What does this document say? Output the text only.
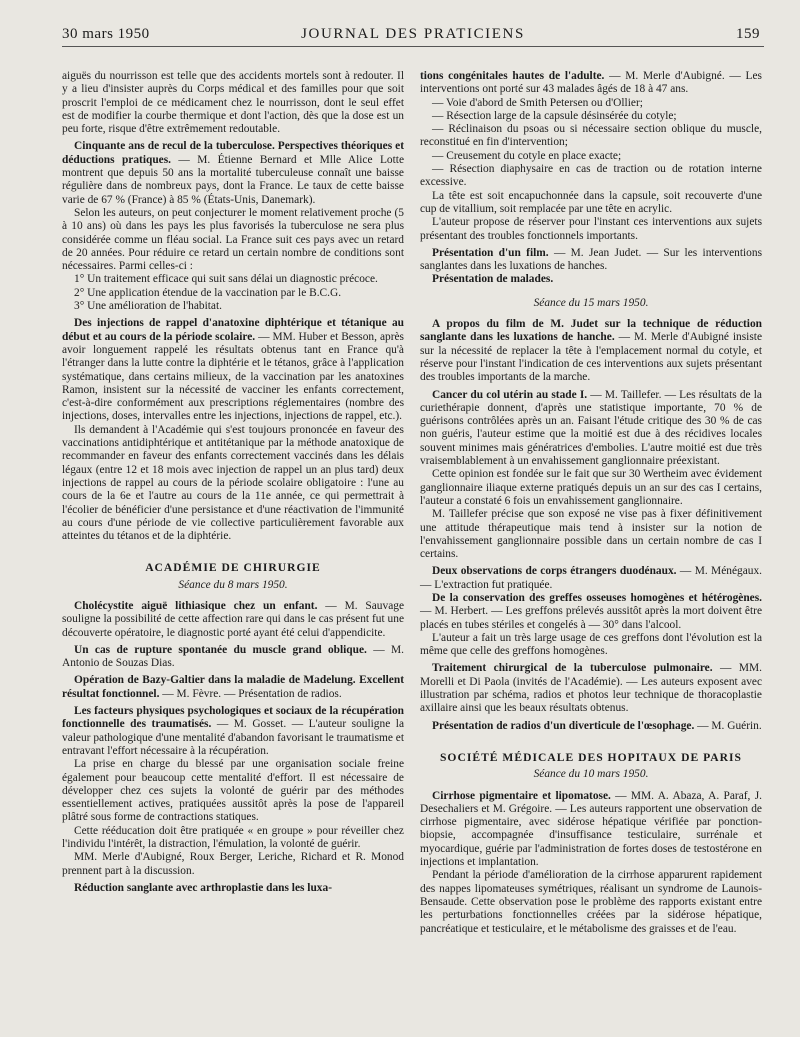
30 mars 1950	JOURNAL DES PRATICIENS	159

aiguës du nourrisson est telle que des accidents mortels sont à redouter. Il y a lieu d'insister auprès du Corps médical et des familles pour que soit proscrit l'emploi de ce médicament chez le nourrisson, dont le seul effet est de modifier la courbe thermique et dont l'action, dès que la dose est un peu forte, risque d'être extrêmement redoutable.

Cinquante ans de recul de la tuberculose. Perspectives théoriques et déductions pratiques. — M. Étienne Bernard et Mlle Alice Lotte montrent que depuis 50 ans la mortalité tuberculeuse connaît une baisse régulière dans de nombreux pays, dont la France. Le taux de cette baisse varie de 67 % (France) à 85 % (États-Unis, Danemark).

Selon les auteurs, on peut conjecturer le moment relativement proche (5 à 10 ans) où dans les pays les plus favorisés la tuberculose ne sera plus considérée comme un fléau social. La France suit ces pays avec un retard de 20 années. Pour réduire ce retard un certain nombre de conditions sont nécessaires. Parmi celles-ci :

1° Un traitement efficace qui suit sans délai un diagnostic précoce.

2° Une application étendue de la vaccination par le B.C.G.

3° Une amélioration de l'habitat.

Des injections de rappel d'anatoxine diphtérique et tétanique au début et au cours de la période scolaire. — MM. Huber et Besson, après avoir longuement rappelé les résultats obtenus tant en France qu'à l'étranger dans la lutte contre la diphtérie et le tétanos, grâce à l'application systématique, dans certains milieux, de la vaccination par les anatoxines Ramon, insistent sur la nécessité de vacciner les enfants correctement, c'est-à-dire conformément aux prescriptions réglementaires (nombre des injections, doses, intervalles entre les injections, injections de rappel, etc.).

Ils demandent à l'Académie qui s'est toujours prononcée en faveur des vaccinations antidiphtérique et antitétanique par la méthode anatoxique de recommander en faveur des enfants correctement vaccinés dans les délais légaux (entre 12 et 18 mois avec injection de rappel un an plus tard) deux injections de rappel au cours de la période scolaire obligatoire : l'une au cours de la 6e et l'autre au cours de la 11e année, ce qui permettrait à l'écolier de bénéficier d'une persistance et d'une réactivation de l'immunité au cours d'une période de vie collective particulièrement favorable aux atteintes du tétanos et de la diphtérie.

ACADÉMIE DE CHIRURGIE

Séance du 8 mars 1950.

Cholécystite aiguë lithiasique chez un enfant. — M. Sauvage souligne la possibilité de cette affection rare qui dans le cas présent fut une découverte opératoire, le diagnostic porté ayant été celui d'appendicite.

Un cas de rupture spontanée du muscle grand oblique. — M. Antonio de Souzas Dias.

Opération de Bazy-Galtier dans la maladie de Madelung. Excellent résultat fonctionnel. — M. Fèvre. — Présentation de radios.

Les facteurs physiques psychologiques et sociaux de la récupération fonctionnelle des traumatisés. — M. Gosset. — L'auteur souligne la valeur pathologique d'une mentalité d'abandon favorisant le traumatisme et entravant l'effort nécessaire à la récupération.

La prise en charge du blessé par une organisation sociale freine également pour beaucoup cette mentalité d'effort. Il est nécessaire de développer chez ces sujets la volonté de guérir par des méthodes essentiellement actives, pratiquées aussitôt après la pose de l'appareil plâtré sous forme de contractions statiques.

Cette rééducation doit être pratiquée « en groupe » pour réveiller chez l'individu l'intérêt, la distraction, l'émulation, la volonté de guérir.

MM. Merle d'Aubigné, Roux Berger, Leriche, Richard et R. Monod prennent part à la discussion.

Réduction sanglante avec arthroplastie dans les luxa-

tions congénitales hautes de l'adulte. — M. Merle d'Aubigné. — Les interventions ont porté sur 43 malades âgés de 18 à 47 ans.

— Voie d'abord de Smith Petersen ou d'Ollier;

— Résection large de la capsule désinsérée du cotyle;

— Réclinaison du psoas ou si nécessaire section oblique du muscle, reconstitué en fin d'intervention;

— Creusement du cotyle en place exacte;

— Résection diaphysaire en cas de traction ou de rotation interne excessive.

La tête est soit encapuchonnée dans la capsule, soit recouverte d'une cup de vitallium, soit remplacée par une tête en acrylic.

L'auteur propose de réserver pour l'instant ces interventions aux sujets présentant des troubles fonctionnels importants.

Présentation d'un film. — M. Jean Judet. — Sur les interventions sanglantes dans les luxations de hanches.

Présentation de malades.

Séance du 15 mars 1950.

A propos du film de M. Judet sur la technique de réduction sanglante dans les luxations de hanche. — M. Merle d'Aubigné insiste sur la nécessité de replacer la tête à l'emplacement normal du cotyle, et réserve pour l'instant l'indication de ces interventions aux sujets présentant des troubles importants de la marche.

Cancer du col utérin au stade I. — M. Taillefer. — Les résultats de la curiethérapie donnent, d'après une statistique importante, 70 % de guérisons contrôlées après un an. Faisant l'étude critique des 30 % de cas non guéris, l'auteur estime que la moitié est due à des récidives locales souvent minimes mais génératrices d'embolies. L'autre moitié est due très vraisemblablement à un envahissement ganglionnaire préexistant.

Cette opinion est fondée sur le fait que sur 30 Wertheim avec évidement ganglionnaire iliaque externe pratiqués depuis un an sur des cas I certains, l'auteur a constaté 6 fois un envahissement ganglionnaire.

M. Taillefer précise que son exposé ne vise pas à fixer définitivement une attitude thérapeutique mais tend à insister sur la notion de l'envahissement ganglionnaire possible dans un certain nombre de cas I certains.

Deux observations de corps étrangers duodénaux. — M. Ménégaux. — L'extraction fut pratiquée.

De la conservation des greffes osseuses homogènes et hétérogènes. — M. Herbert. — Les greffons prélevés aussitôt après la mort doivent être placés en tubes stériles et congelés à — 30° dans l'alcool.

L'auteur a fait un très large usage de ces greffons dont l'évolution est la même que celle des greffons homogènes.

Traitement chirurgical de la tuberculose pulmonaire. — MM. Morelli et Di Paola (invités de l'Académie). — Les auteurs exposent avec illustration par schéma, radios et photos leur technique de thoracoplastie axillaire ainsi que les beaux résultats obtenus.

Présentation de radios d'un diverticule de l'œsophage. — M. Guérin.

SOCIÉTÉ MÉDICALE DES HOPITAUX DE PARIS

Séance du 10 mars 1950.

Cirrhose pigmentaire et lipomatose. — MM. A. Abaza, A. Paraf, J. Desechaliers et M. Grégoire. — Les auteurs rapportent une observation de cirrhose pigmentaire, avec sidérose hépatique vérifiée par ponction-biopsie, accompagnée d'insuffisance testiculaire, surrénale et myocardique, guérie par l'administration de fortes doses de testostérone en injections et implantation.

Pendant la période d'amélioration de la cirrhose apparurent rapidement des nappes lipomateuses symétriques, réalisant un syndrome de Launois-Bensaude. Cette observation pose le problème des rapports existant entre les perturbations fonctionnelles créées par la sidérose hépatique, pancréatique et testiculaire, et le métabolisme des graisses et de l'eau.
